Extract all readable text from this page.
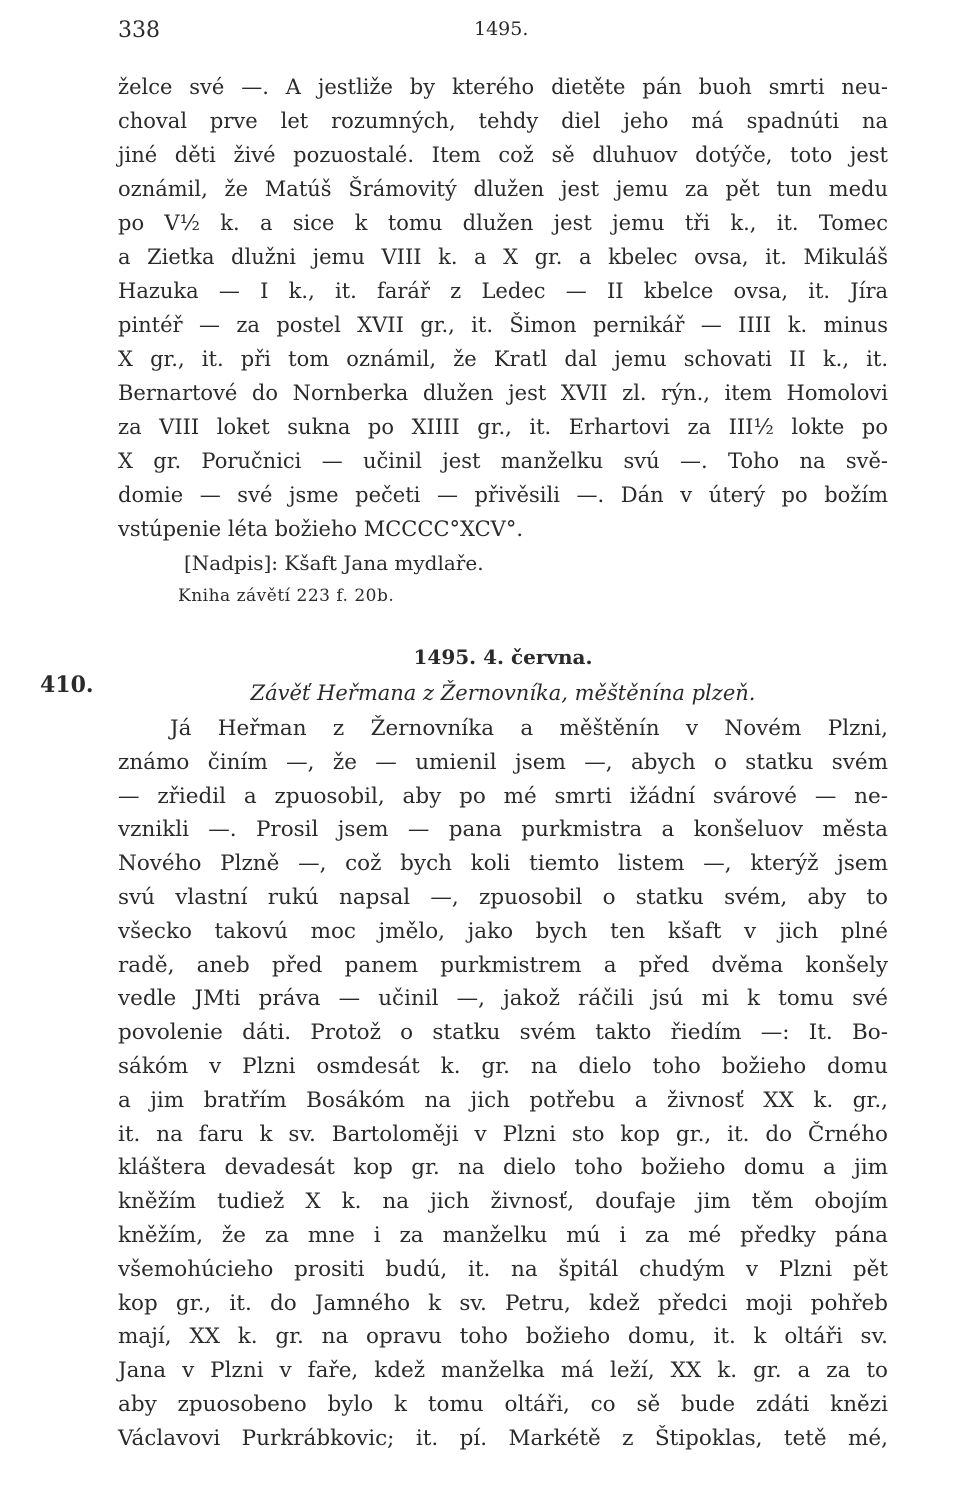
338	1495.
410.
želce své —. A jestliže by kterého dietěte pán buoh smrti neu-
choval prve let rozumných, tehdy diel jeho má spadnúti na
jiné děti živé pozuostalé. Item což sě dluhuov dotýče, toto jest
oznámil, že Matúš Šrámovitý dlužen jest jemu za pět tun medu
po V½ k. a sice k tomu dlužen jest jemu tři k., it. Tomec
a Zietka dlužni jemu VIII k. a X gr. a kbelec ovsa, it. Mikuláš
Hazuka — I k., it. farář z Ledec — II kbelce ovsa, it. Jíra
pintéř — za postel XVII gr., it. Šimon pernikář — IIII k. minus
X gr., it. při tom oznámil, že Kratl dal jemu schovati II k., it.
Bernartové do Nornberka dlužen jest XVII zl. rýn., item Homolovi
za VIII loket sukna po XIIII gr., it. Erhartovi za III½ lokte po
X gr. Poručnici — učinil jest manželku svú —. Toho na svě-
domie — své jsme pečeti — přivěsili —. Dán v úterý po božím
vstúpenie léta božieho MCCCC°XCV°.
[Nadpis]: Kšaft Jana mydlaře.
Kniha závětí 223 f. 20b.
1495. 4. června.
Závěť Heřmana z Žernovníka, měštěnína plzeň.
Já Heřman z Žernovníka a měštěnín v Novém Plzni,
známo činím —, že — umienil jsem —, abych o statku svém
— zřiedil a zpuosobil, aby po mé smrti ižádní svárové — ne-
vznikli —. Prosil jsem — pana purkmistra a konšeluov města
Nového Plzně —, což bych koli tiemto listem —, kterýž jsem
svú vlastní rukú napsal —, zpuosobil o statku svém, aby to
všecko takovú moc jmělo, jako bych ten kšaft v jich plné
radě, aneb před panem purkmistrem a před dvěma konšely
vedle JMti práva — učinil —, jakož ráčili jsú mi k tomu své
povolenie dáti. Protož o statku svém takto řiedím —: It. Bo-
sákóm v Plzni osmdesát k. gr. na dielo toho božieho domu
a jim bratřím Bosákóm na jich potřebu a živnosť XX k. gr.,
it. na faru k sv. Bartoloměji v Plzni sto kop gr., it. do Črného
kláštera devadesát kop gr. na dielo toho božieho domu a jim
kněžím tudiež X k. na jich živnosť, doufaje jim těm obojím
kněžím, že za mne i za manželku mú i za mé předky pána
všemohúcieho prositi budú, it. na špitál chudým v Plzni pět
kop gr., it. do Jamného k sv. Petru, kdež předci moji pohřeb
mají, XX k. gr. na opravu toho božieho domu, it. k oltáři sv.
Jana v Plzni v faře, kdež manželka má leží, XX k. gr. a za to
aby zpuosobeno bylo k tomu oltáři, co sě bude zdáti knězi
Václavovi Purkrábkovic; it. pí. Markétě z Štipoklas, tetě mé,
